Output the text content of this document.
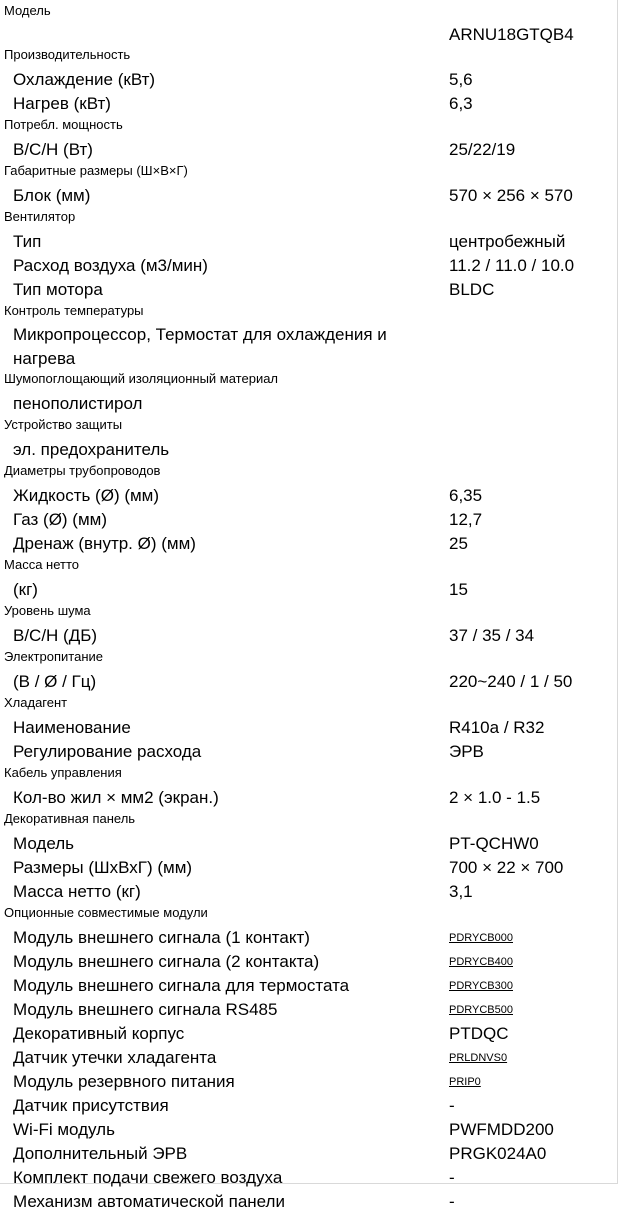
Модель
ARNU18GTQB4
Производительность
Охлаждение (кВт)	5,6
Нагрев (кВт)	6,3
Потребл. мощность
В/С/Н (Вт)	25/22/19
Габаритные размеры (Ш×В×Г)
Блок (мм)	570 × 256 × 570
Вентилятор
Тип	центробежный
Расход воздуха (м3/мин)	11.2 / 11.0 / 10.0
Тип мотора	BLDC
Контроль температуры
Микропроцессор, Термостат для охлаждения и нагрева
Шумопоглощающий изоляционный материал
пенополистирол
Устройство защиты
эл. предохранитель
Диаметры трубопроводов
Жидкость (Ø) (мм)	6,35
Газ (Ø) (мм)	12,7
Дренаж (внутр. Ø) (мм)	25
Масса нетто
(кг)	15
Уровень шума
В/С/Н (ДБ)	37 / 35 / 34
Электропитание
(В / Ø / Гц)	220~240 / 1 / 50
Хладагент
Наименование	R410a / R32
Регулирование расхода	ЭРВ
Кабель управления
Кол-во жил × мм2 (экран.)	2 × 1.0 - 1.5
Декоративная панель
Модель	PT-QCHW0
Размеры (ШхВхГ) (мм)	700 × 22 × 700
Масса нетто (кг)	3,1
Опционные совместимые модули
Модуль внешнего сигнала (1 контакт)	PDRYCB000
Модуль внешнего сигнала (2 контакта)	PDRYCB400
Модуль внешнего сигнала для термостата	PDRYCB300
Модуль внешнего сигнала RS485	PDRYCB500
Декоративный корпус	PTDQC
Датчик утечки хладагента	PRLDNVS0
Модуль резервного питания	PRIP0
Датчик присутствия	-
Wi-Fi модуль	PWFMDD200
Дополнительный ЭРВ	PRGK024A0
Комплект подачи свежего воздуха	-
Механизм автоматической панели	-
